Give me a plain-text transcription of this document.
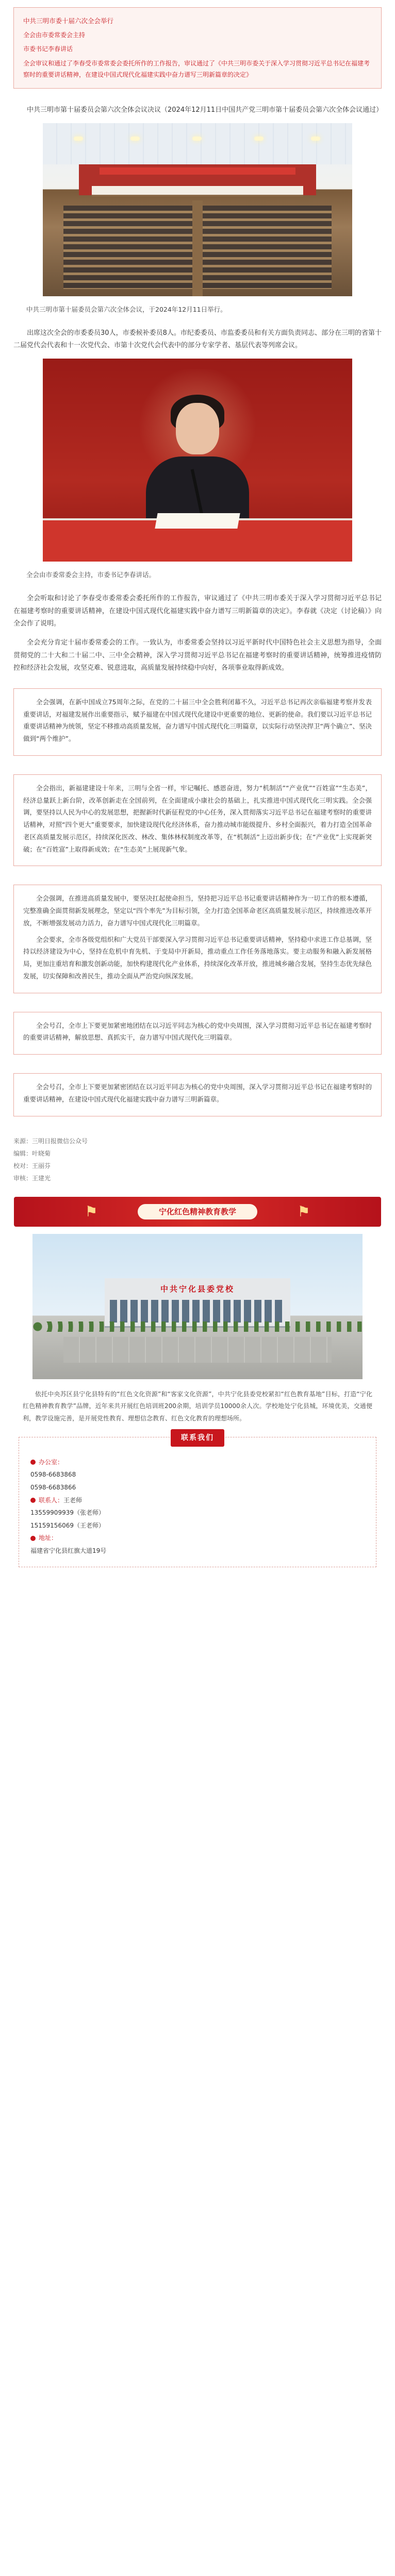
中共三明市委十届六次全会举行

全会由市委常委会主持

市委书记李春讲话

全会审议和通过了李春受市委常委会委托所作的工作报告，审议通过了《中共三明市委关于深入学习贯彻习近平总书记在福建考察时的重要讲话精神，在建设中国式现代化福建实践中奋力谱写三明新篇章的决定》

中共三明市第十届委员会第六次全体会议决议（2024年12月11日中国共产党三明市第十届委员会第六次全体会议通过）

中共三明市第十届委员会第六次全体会议，于2024年12月11日举行。

出席这次全会的市委委员30人，市委候补委员8人。市纪委委员、市监委委员和有关方面负责同志、部分在三明的省第十二届党代会代表和十一次党代会、市第十次党代会代表中的部分专家学者、基层代表等列席会议。

全会由市委常委会主持，市委书记李春讲话。

全会听取和讨论了李春受市委常委会委托所作的工作报告，审议通过了《中共三明市委关于深入学习贯彻习近平总书记在福建考察时的重要讲话精神，在建设中国式现代化福建实践中奋力谱写三明新篇章的决定》。李春就《决定（讨论稿）》向全会作了说明。

全会充分肯定十届市委常委会的工作。一致认为，市委常委会坚持以习近平新时代中国特色社会主义思想为指导，全面贯彻党的二十大和二十届二中、三中全会精神，深入学习贯彻习近平总书记在福建考察时的重要讲话精神，统筹推进疫情防控和经济社会发展，攻坚克难、锐意进取，高质量发展持续稳中向好，各项事业取得新成效。

全会强调，在新中国成立75周年之际，在党的二十届三中全会胜利闭幕不久，习近平总书记再次亲临福建考察并发表重要讲话，对福建发展作出重要指示，赋予福建在中国式现代化建设中更重要的地位、更新的使命。我们要以习近平总书记重要讲话精神为统领，坚定不移推动高质量发展，奋力谱写中国式现代化三明篇章，以实际行动坚决捍卫“两个确立”、坚决做到“两个维护”。

全会指出，新福建建设十年来，三明与全省一样，牢记嘱托、感恩奋进，努力“机制活”“产业优”“百姓富”“生态美”，经济总量跃上新台阶，改革创新走在全国前列，在全面建成小康社会的基础上，扎实推进中国式现代化三明实践。全会强调，要坚持以人民为中心的发展思想，把握新时代新征程党的中心任务，深入贯彻落实习近平总书记在福建考察时的重要讲话精神，对照“四个更大”重要要求，加快建设现代化经济体系，奋力推动城市能级提升、乡村全面振兴，着力打造全国革命老区高质量发展示范区，持续深化医改、林改、集体林权制度改革等，在“机制活”上迈出新步伐；在“产业优”上实现新突破；在“百姓富”上取得新成效；在“生态美”上展现新气象。

全会强调，在推进高质量发展中，要坚决扛起使命担当，坚持把习近平总书记重要讲话精神作为一切工作的根本遵循，完整准确全面贯彻新发展理念，坚定以“四个率先”为目标引领，全力打造全国革命老区高质量发展示范区，持续推进改革开放，不断增强发展动力活力，奋力谱写中国式现代化三明篇章。

全会要求，全市各级党组织和广大党员干部要深入学习贯彻习近平总书记重要讲话精神，坚持稳中求进工作总基调，坚持以经济建设为中心，坚持在危机中育先机、于变局中开新局，推动重点工作任务落地落实。要主动服务和融入新发展格局，更加注重培育和激发创新动能，加快构建现代化产业体系，持续深化改革开放，推进城乡融合发展，坚持生态优先绿色发展，切实保障和改善民生，推动全面从严治党向纵深发展。

全会号召，全市上下要更加紧密地团结在以习近平同志为核心的党中央周围，深入学习贯彻习近平总书记在福建考察时的重要讲话精神，解放思想、真抓实干，奋力谱写中国式现代化三明篇章。

全会号召，全市上下要更加紧密团结在以习近平同志为核心的党中央周围，深入学习贯彻习近平总书记在福建考察时的重要讲话精神，在建设中国式现代化福建实践中奋力谱写三明新篇章。

来源：三明日报微信公众号
编辑：叶晓菊
校对：王丽芬
审核：王建光
⚑	宁化红色精神教育教学	⚑
中共宁化县委党校

依托中央苏区县宁化县特有的“红色文化资源”和“客家文化资源”，中共宁化县委党校紧扣“红色教育基地”目标，打造“宁化红色精神教育教学”品牌，近年来共开展红色培训班200余期，培训学员10000余人次。学校地处宁化县城，环境优美，交通便利，教学设施完善，是开展党性教育、理想信念教育、红色文化教育的理想场所。

联系我们
办公室：
0598-6683868
0598-6683866
联系人：王老师
13559909939（张老师）
15159156069（王老师）
地址：
福建省宁化县红旗大道19号
